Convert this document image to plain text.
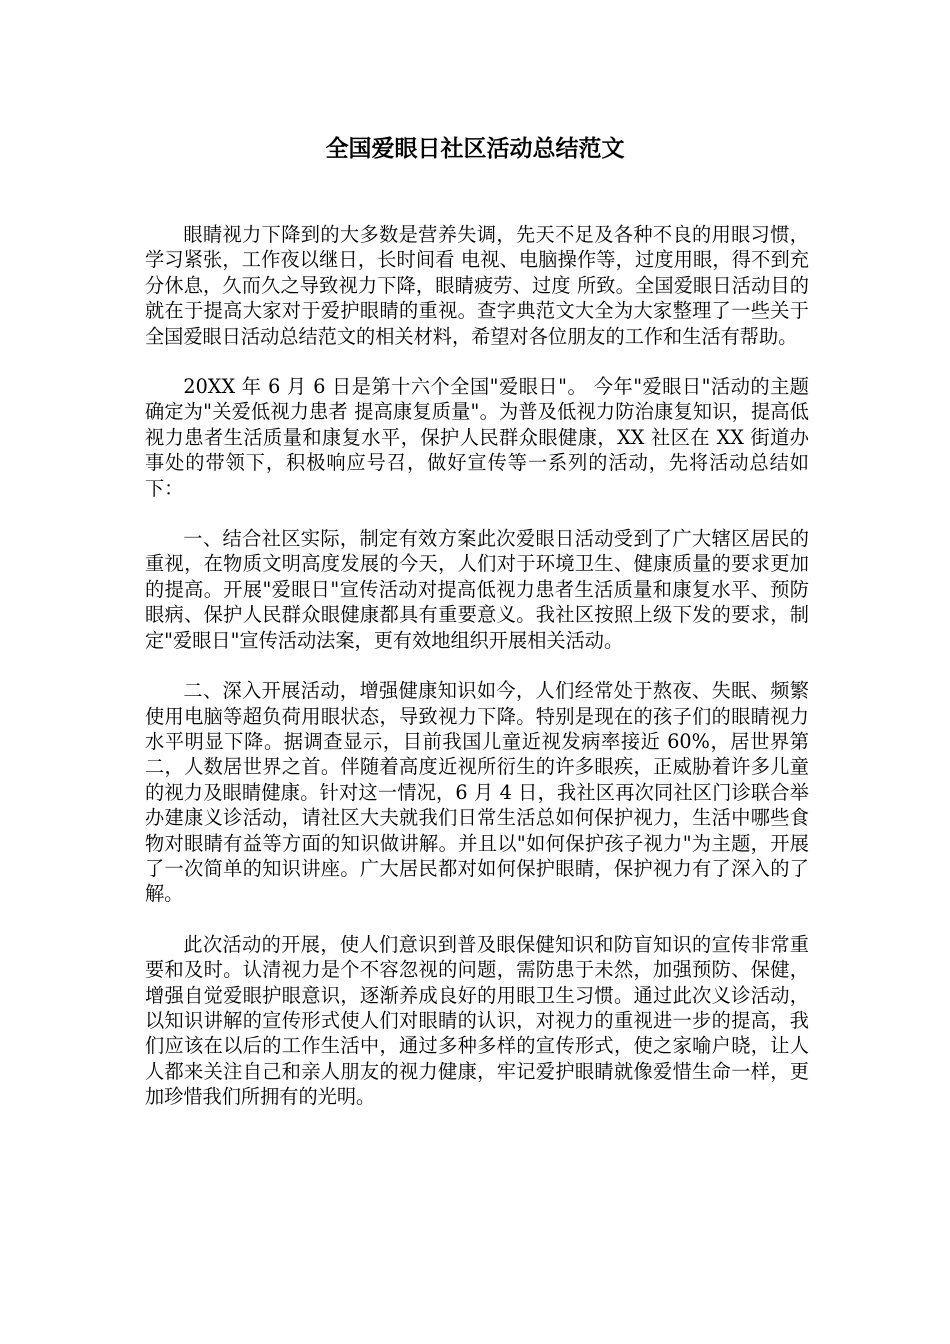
全国爱眼日社区活动总结范文

眼睛视力下降到的大多数是营养失调，先天不足及各种不良的用眼习惯，学习紧张，工作夜以继日，长时间看 电视、电脑操作等，过度用眼，得不到充分休息，久而久之导致视力下降，眼睛疲劳、过度 所致。全国爱眼日活动目的就在于提高大家对于爱护眼睛的重视。查字典范文大全为大家整理了一些关于全国爱眼日活动总结范文的相关材料，希望对各位朋友的工作和生活有帮助。

20XX 年 6 月 6 日是第十六个全国"爱眼日"。 今年"爱眼日"活动的主题确定为"关爱低视力患者 提高康复质量"。为普及低视力防治康复知识，提高低视力患者生活质量和康复水平，保护人民群众眼健康，XX 社区在 XX 街道办事处的带领下，积极响应号召，做好宣传等一系列的活动，先将活动总结如下：

一、结合社区实际，制定有效方案此次爱眼日活动受到了广大辖区居民的重视，在物质文明高度发展的今天，人们对于环境卫生、健康质量的要求更加的提高。开展"爱眼日"宣传活动对提高低视力患者生活质量和康复水平、预防眼病、保护人民群众眼健康都具有重要意义。我社区按照上级下发的要求，制定"爱眼日"宣传活动法案，更有效地组织开展相关活动。

二、深入开展活动，增强健康知识如今，人们经常处于熬夜、失眠、频繁使用电脑等超负荷用眼状态，导致视力下降。特别是现在的孩子们的眼睛视力水平明显下降。据调查显示，目前我国儿童近视发病率接近 60%，居世界第二，人数居世界之首。伴随着高度近视所衍生的许多眼疾，正威胁着许多儿童的视力及眼睛健康。针对这一情况，6 月 4 日，我社区再次同社区门诊联合举办建康义诊活动，请社区大夫就我们日常生活总如何保护视力，生活中哪些食物对眼睛有益等方面的知识做讲解。并且以"如何保护孩子视力"为主题，开展了一次简单的知识讲座。广大居民都对如何保护眼睛，保护视力有了深入的了解。

此次活动的开展，使人们意识到普及眼保健知识和防盲知识的宣传非常重要和及时。认清视力是个不容忽视的问题，需防患于未然，加强预防、保健，增强自觉爱眼护眼意识，逐渐养成良好的用眼卫生习惯。通过此次义诊活动，以知识讲解的宣传形式使人们对眼睛的认识，对视力的重视进一步的提高，我们应该在以后的工作生活中，通过多种多样的宣传形式，使之家喻户晓，让人人都来关注自己和亲人朋友的视力健康，牢记爱护眼睛就像爱惜生命一样，更加珍惜我们所拥有的光明。
